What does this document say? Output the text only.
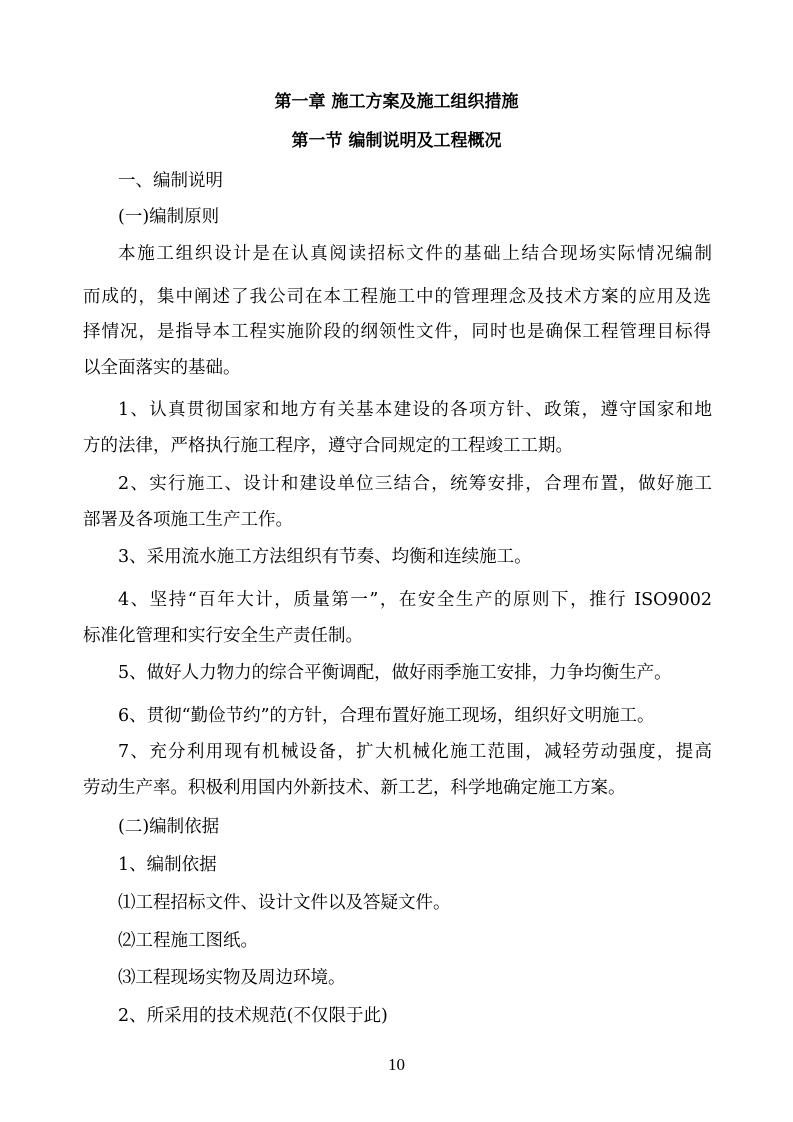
第一章 施工方案及施工组织措施
第一节 编制说明及工程概况

一、编制说明

(一)编制原则

本施工组织设计是在认真阅读招标文件的基础上结合现场实际情况编制

而成的，集中阐述了我公司在本工程施工中的管理理念及技术方案的应用及选

择情况，是指导本工程实施阶段的纲领性文件，同时也是确保工程管理目标得

以全面落实的基础。

1、认真贯彻国家和地方有关基本建设的各项方针、政策，遵守国家和地

方的法律，严格执行施工程序，遵守合同规定的工程竣工工期。

2、实行施工、设计和建设单位三结合，统筹安排，合理布置，做好施工

部署及各项施工生产工作。

3、采用流水施工方法组织有节奏、均衡和连续施工。

4、坚持“百年大计，质量第一”，在安全生产的原则下，推行 ISO9002

标准化管理和实行安全生产责任制。

5、做好人力物力的综合平衡调配，做好雨季施工安排，力争均衡生产。

6、贯彻“勤俭节约”的方针，合理布置好施工现场，组织好文明施工。

7、充分利用现有机械设备，扩大机械化施工范围，减轻劳动强度，提高

劳动生产率。积极利用国内外新技术、新工艺，科学地确定施工方案。

(二)编制依据

1、编制依据

⑴工程招标文件、设计文件以及答疑文件。

⑵工程施工图纸。

⑶工程现场实物及周边环境。

2、所采用的技术规范(不仅限于此)

10
